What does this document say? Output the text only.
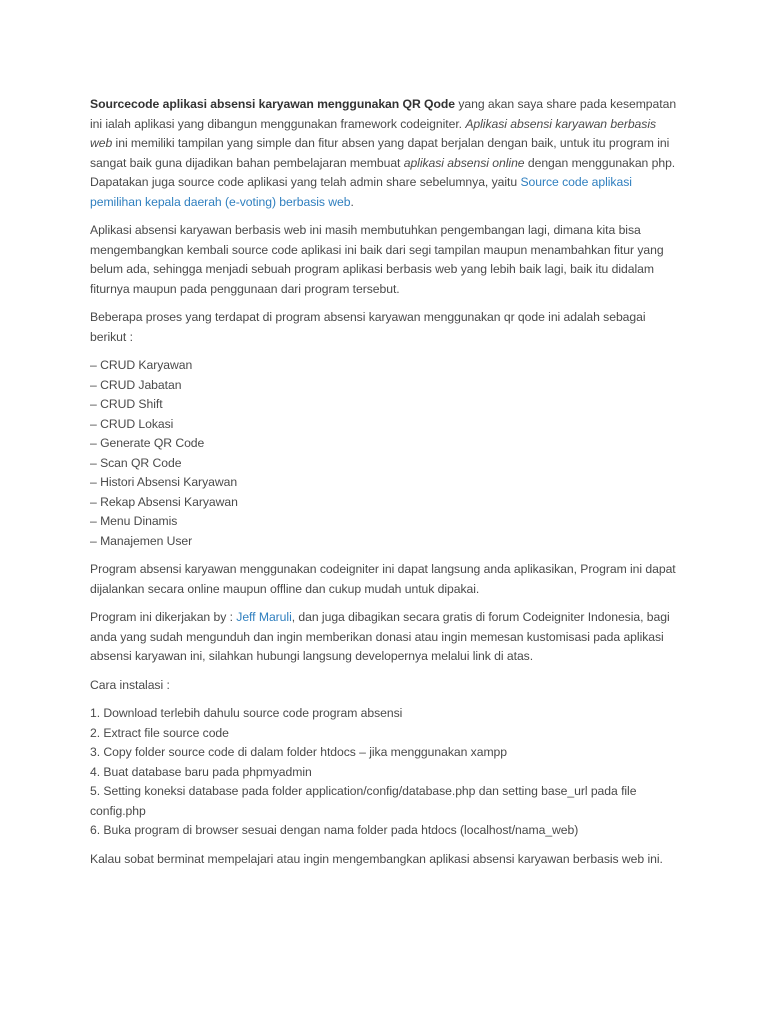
Sourcecode aplikasi absensi karyawan menggunakan QR Qode yang akan saya share pada kesempatan ini ialah aplikasi yang dibangun menggunakan framework codeigniter. Aplikasi absensi karyawan berbasis web ini memiliki tampilan yang simple dan fitur absen yang dapat berjalan dengan baik, untuk itu program ini sangat baik guna dijadikan bahan pembelajaran membuat aplikasi absensi online dengan menggunakan php. Dapatakan juga source code aplikasi yang telah admin share sebelumnya, yaitu Source code aplikasi pemilihan kepala daerah (e-voting) berbasis web.

Aplikasi absensi karyawan berbasis web ini masih membutuhkan pengembangan lagi, dimana kita bisa mengembangkan kembali source code aplikasi ini baik dari segi tampilan maupun menambahkan fitur yang belum ada, sehingga menjadi sebuah program aplikasi berbasis web yang lebih baik lagi, baik itu didalam fiturnya maupun pada penggunaan dari program tersebut.

Beberapa proses yang terdapat di program absensi karyawan menggunakan qr qode ini adalah sebagai berikut :

– CRUD Karyawan
– CRUD Jabatan
– CRUD Shift
– CRUD Lokasi
– Generate QR Code
– Scan QR Code
– Histori Absensi Karyawan
– Rekap Absensi Karyawan
– Menu Dinamis
– Manajemen User

Program absensi karyawan menggunakan codeigniter ini dapat langsung anda aplikasikan, Program ini dapat dijalankan secara online maupun offline dan cukup mudah untuk dipakai.

Program ini dikerjakan by : Jeff Maruli, dan juga dibagikan secara gratis di forum Codeigniter Indonesia, bagi anda yang sudah mengunduh dan ingin memberikan donasi atau ingin memesan kustomisasi pada aplikasi absensi karyawan ini, silahkan hubungi langsung developernya melalui link di atas.

Cara instalasi :

1. Download terlebih dahulu source code program absensi
2. Extract file source code
3. Copy folder source code di dalam folder htdocs – jika menggunakan xampp
4. Buat database baru pada phpmyadmin
5. Setting koneksi database pada folder application/config/database.php dan setting base_url pada file config.php
6. Buka program di browser sesuai dengan nama folder pada htdocs (localhost/nama_web)

Kalau sobat berminat mempelajari atau ingin mengembangkan aplikasi absensi karyawan berbasis web ini.
